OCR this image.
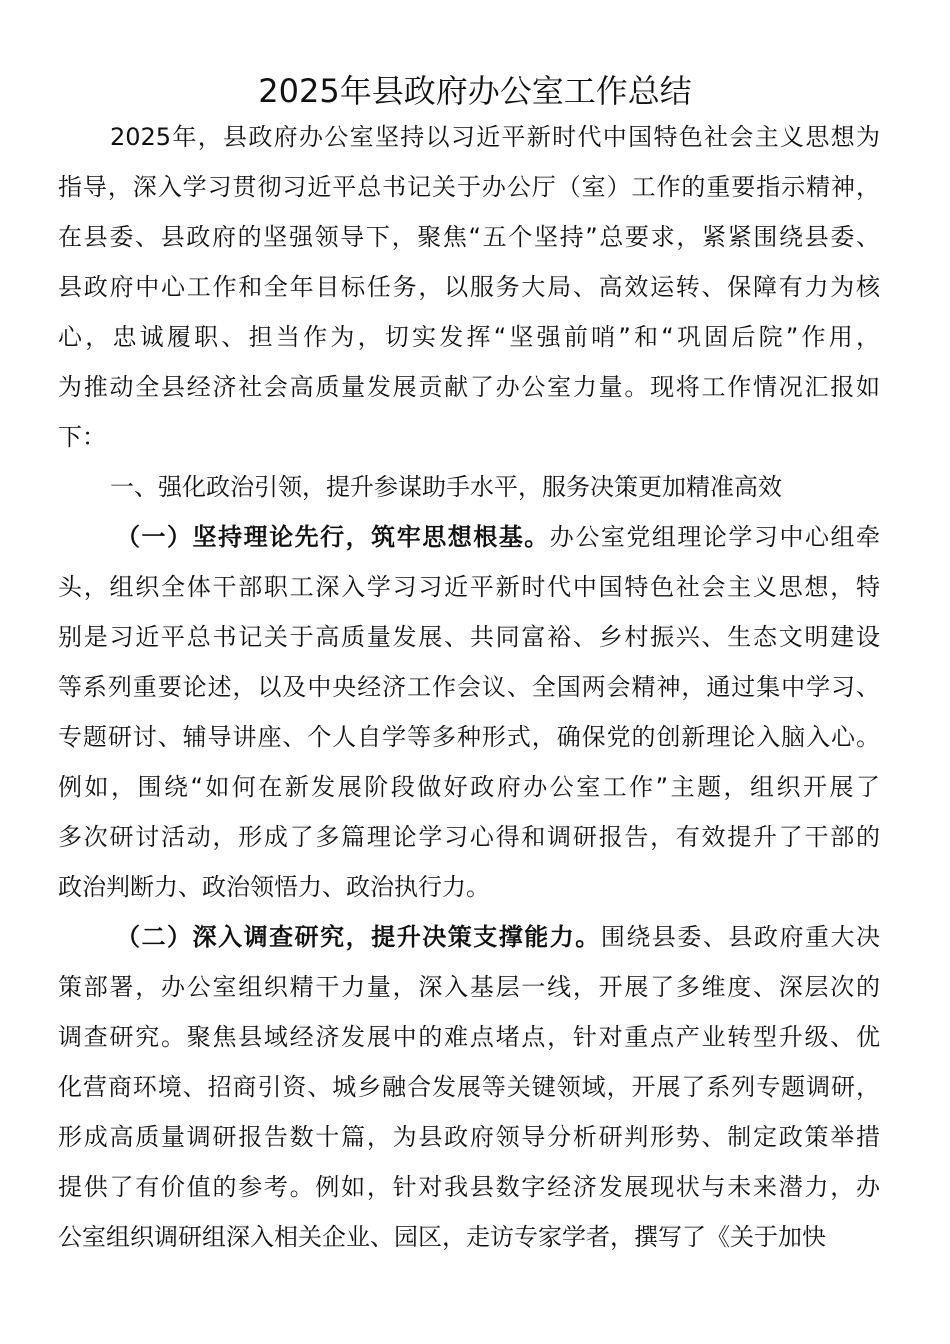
2025年县政府办公室工作总结
2025年，县政府办公室坚持以习近平新时代中国特色社会主义思想为
指导，深入学习贯彻习近平总书记关于办公厅（室）工作的重要指示精神，
在县委、县政府的坚强领导下，聚焦“五个坚持”总要求，紧紧围绕县委、
县政府中心工作和全年目标任务，以服务大局、高效运转、保障有力为核
心，忠诚履职、担当作为，切实发挥“坚强前哨”和“巩固后院”作用，
为推动全县经济社会高质量发展贡献了办公室力量。现将工作情况汇报如
下：
一、强化政治引领，提升参谋助手水平，服务决策更加精准高效
（一）坚持理论先行，筑牢思想根基。办公室党组理论学习中心组牵
头，组织全体干部职工深入学习习近平新时代中国特色社会主义思想，特
别是习近平总书记关于高质量发展、共同富裕、乡村振兴、生态文明建设
等系列重要论述，以及中央经济工作会议、全国两会精神，通过集中学习、
专题研讨、辅导讲座、个人自学等多种形式，确保党的创新理论入脑入心。
例如，围绕“如何在新发展阶段做好政府办公室工作”主题，组织开展了
多次研讨活动，形成了多篇理论学习心得和调研报告，有效提升了干部的
政治判断力、政治领悟力、政治执行力。
（二）深入调查研究，提升决策支撑能力。围绕县委、县政府重大决
策部署，办公室组织精干力量，深入基层一线，开展了多维度、深层次的
调查研究。聚焦县域经济发展中的难点堵点，针对重点产业转型升级、优
化营商环境、招商引资、城乡融合发展等关键领域，开展了系列专题调研，
形成高质量调研报告数十篇，为县政府领导分析研判形势、制定政策举措
提供了有价值的参考。例如，针对我县数字经济发展现状与未来潜力，办
公室组织调研组深入相关企业、园区，走访专家学者，撰写了《关于加快
